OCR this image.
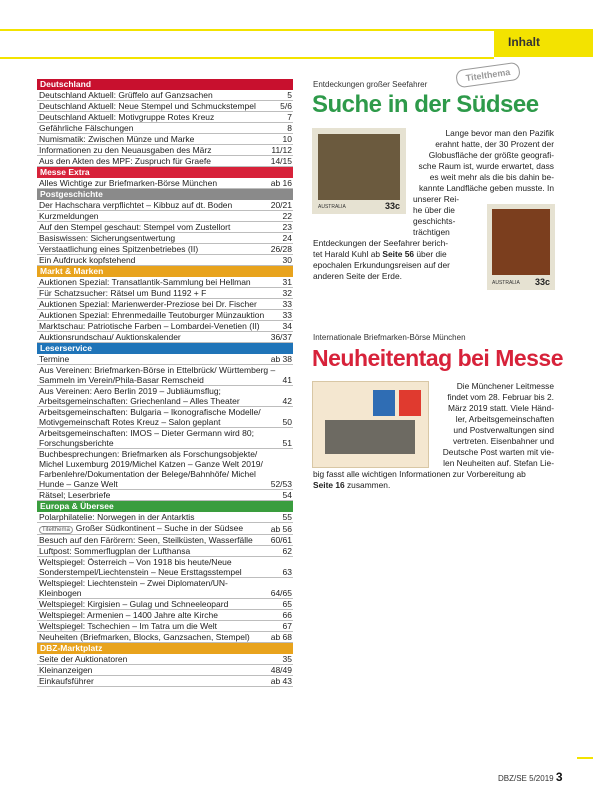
Inhalt
Deutschland
Deutschland Aktuell: Grüffelo auf Ganzsachen	5
Deutschland Aktuell: Neue Stempel und Schmuckstempel	5/6
Deutschland Aktuell: Motivgruppe Rotes Kreuz	7
Gefährliche Fälschungen	8
Numismatik: Zwischen Münze und Marke	10
Informationen zu den Neuausgaben des März	11/12
Aus den Akten des MPF: Zuspruch für Graefe	14/15
Messe Extra
Alles Wichtige zur Briefmarken-Börse München	ab 16
Postgeschichte
Der Hachschara verpflichtet – Kibbuz auf dt. Boden	20/21
Kurzmeldungen	22
Auf den Stempel geschaut: Stempel vom Zustellort	23
Basiswissen: Sicherungsentwertung	24
Verstaatlichung eines Spitzenbetriebes (II)	26/28
Ein Aufdruck kopfstehend	30
Markt & Marken
Auktionen Spezial: Transatlantik-Sammlung bei Hellman	31
Für Schatzsucher: Rätsel um Bund 1192 + F	32
Auktionen Spezial: Marienwerder-Preziose bei Dr. Fischer	33
Auktionen Spezial: Ehrenmedaille Teutoburger Münzauktion	33
Marktschau: Patriotische Farben – Lombardei-Venetien (II)	34
Auktionsrundschau/ Auktionskalender	36/37
Leserservice
Termine	ab 38
Aus Vereinen: Briefmarken-Börse in Ettelbrück/ Württemberg – Sammeln im Verein/Phila-Basar Remscheid	41
Aus Vereinen: Aero Berlin 2019 – Jubliäumsflug; Arbeitsgemeinschaften: Griechenland – Alles Theater	42
Arbeitsgemeinschaften: Bulgaria – Ikonografische Modelle/ Motivgemeinschaft Rotes Kreuz – Salon geplant	50
Arbeitsgemeinschaften: IMOS – Dieter Germann wird 80; Forschungsberichte	51
Buchbesprechungen: Briefmarken als Forschungsobjekte/ Michel Luxemburg 2019/Michel Katzen – Ganze Welt 2019/ Farbenlehre/Dokumentation der Belege/Bahnhöfe/ Michel Hunde – Ganze Welt	52/53
Rätsel; Leserbriefe	54
Europa & Übersee
Polarphilatelie: Norwegen in der Antarktis	55
Titelthema Großer Südkontinent – Suche in der Südsee	ab 56
Besuch auf den Färörern: Seen, Steilküsten, Wasserfälle	60/61
Luftpost: Sommerflugplan der Lufthansa	62
Weltspiegel: Österreich – Von 1918 bis heute/Neue Sonderstempel/Liechtenstein – Neue Ersttagsstempel	63
Weltspiegel: Liechtenstein – Zwei Diplomaten/UN-Kleinbogen	64/65
Weltspiegel: Kirgisien – Gulag und Schneeleopard	65
Weltspiegel: Armenien – 1400 Jahre alte Kirche	66
Weltspiegel: Tschechien – Im Tatra um die Welt	67
Neuheiten (Briefmarken, Blocks, Ganzsachen, Stempel)	ab 68
DBZ-Marktplatz
Seite der Auktionatoren	35
Kleinanzeigen	48/49
Einkaufsführer	ab 43
Entdeckungen großer Seefahrer
Titelthema
Suche in der Südsee
AUSTRALIA	33c
AUSTRALIA 33c
Lange bevor man den Pazifik
erahnt hatte, der 30 Prozent der
Globusfläche der größte geografi-
sche Raum ist, wurde erwartet, dass
es weit mehr als die bis dahin be-
kannte Landfläche geben musste. In
unserer Rei-
he über die
geschichts-
trächtigen
Entdeckungen der Seefahrer berich-
tet Harald Kuhl ab Seite 56 über die
epochalen Erkundungsreisen auf der
anderen Seite der Erde.
Internationale Briefmarken-Börse München
Neuheitentag bei Messe
Die Münchener Leitmesse
findet vom 28. Februar bis 2.
März 2019 statt. Viele Händ-
ler, Arbeitsgemeinschaften
und Postverwaltungen sind
vertreten. Eisenbahner und
Deutsche Post warten mit vie-
len Neuheiten auf. Stefan Lie-
big fasst alle wichtigen Informationen zur Vorbereitung ab
Seite 16 zusammen.
DBZ/SE 5/2019 3
